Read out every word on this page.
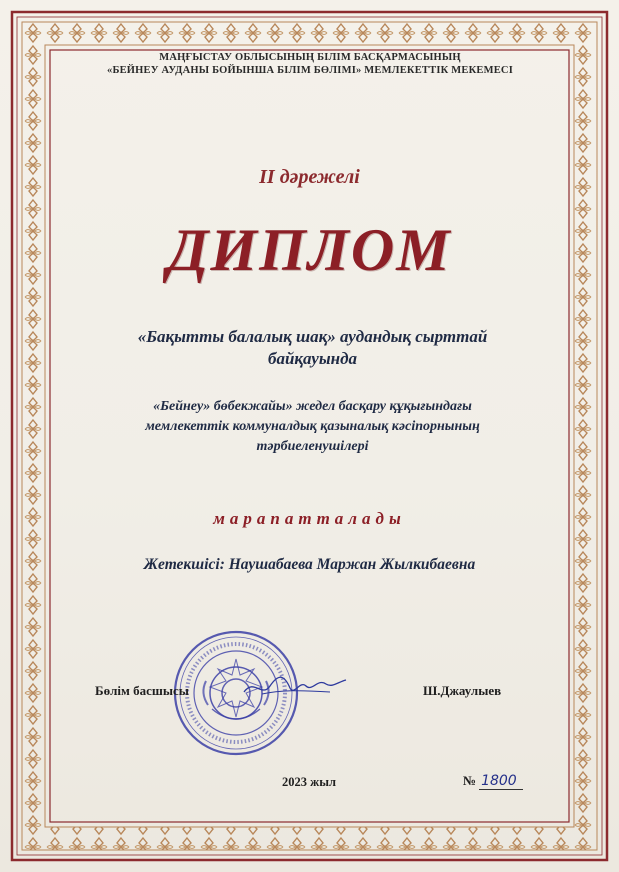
МАҢҒЫСТАУ ОБЛЫСЫНЫҢ БІЛІМ БАСҚАРМАСЫНЫҢ
«БЕЙНЕУ АУДАНЫ БОЙЫНША БІЛІМ БӨЛІМІ» МЕМЛЕКЕТТІК МЕКЕМЕСІ
II дәрежелі
ДИПЛОМ
«Бақытты балалық шақ» аудандық сырттай
байқауында
«Бейнеу» бөбекжайы» жедел басқару құқығындағы
мемлекеттік коммуналдық қазыналық кәсіпорнының
тәрбиеленушілері
марапатталады
Жетекшісі: Наушабаева Маржан Жылкибаевна
Бөлім басшысы	Ш.Джаулыев
2023 жыл	№ 1800
